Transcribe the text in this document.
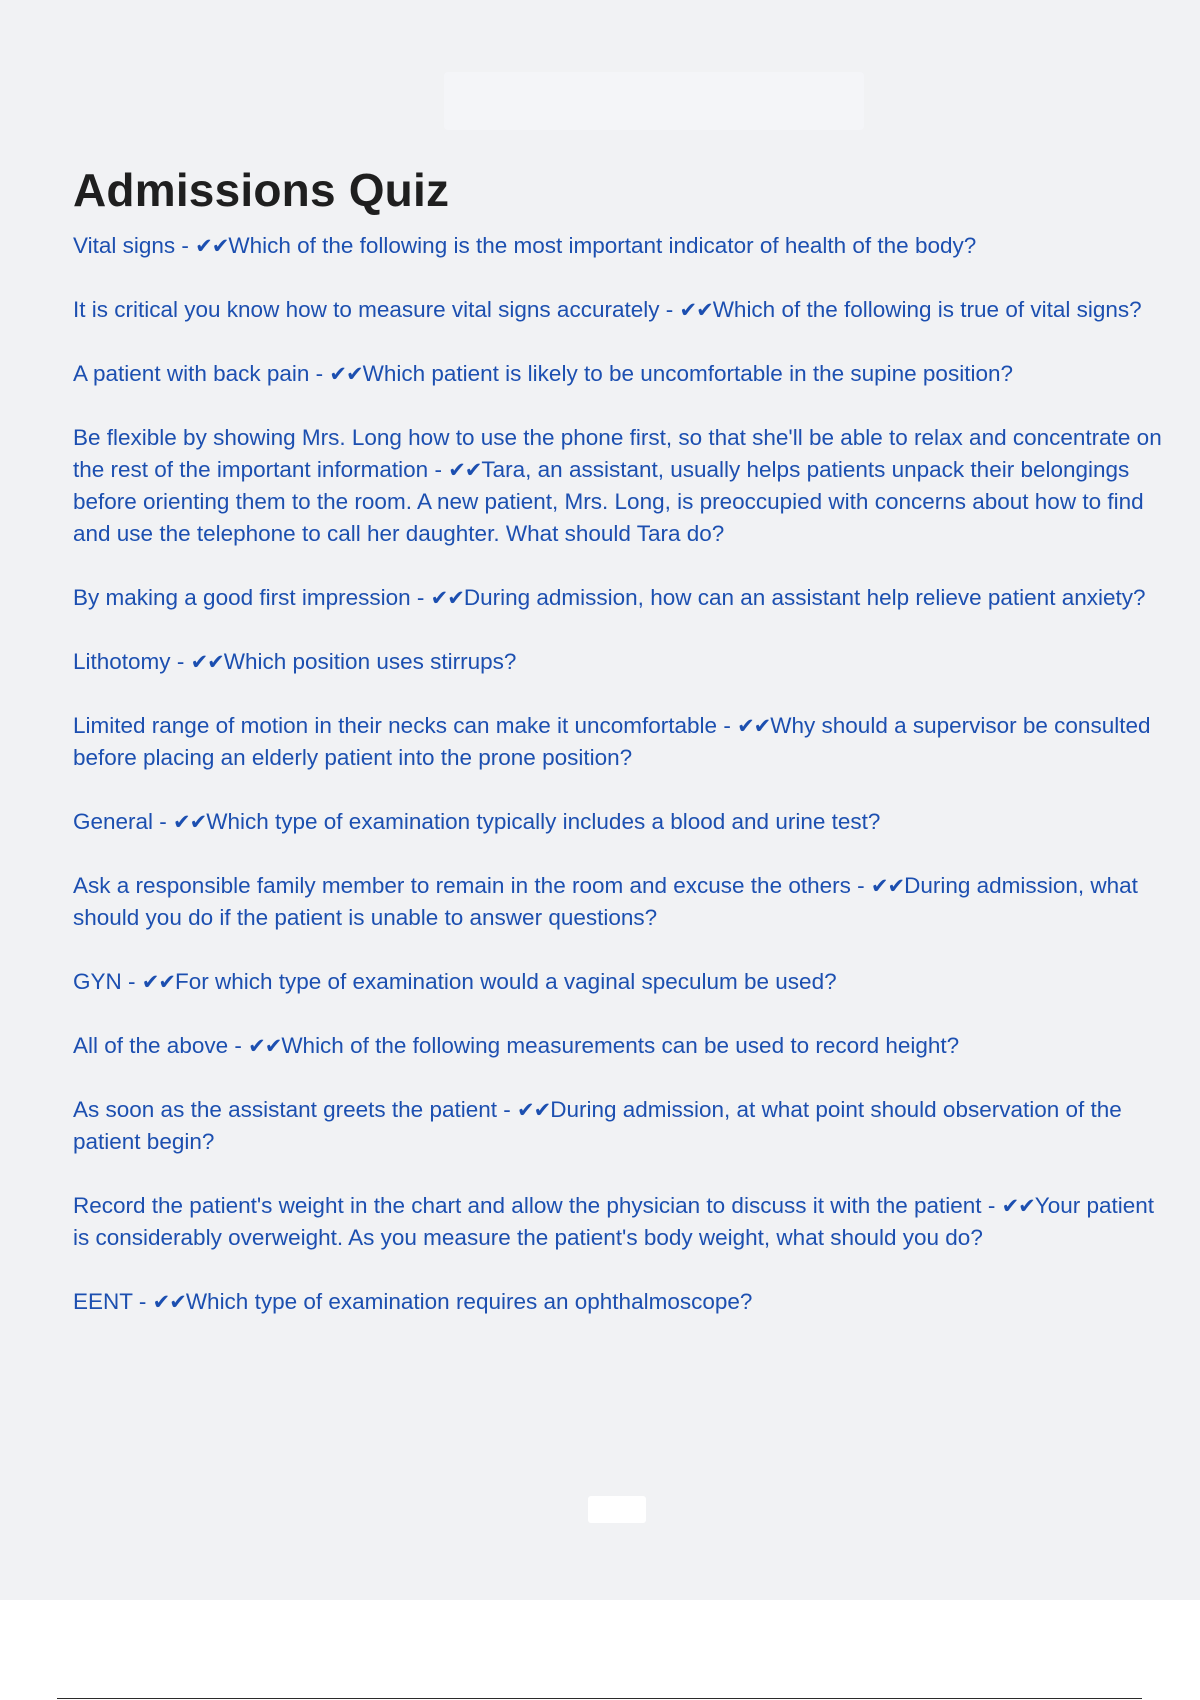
Admissions Quiz
Vital signs - ✔✔Which of the following is the most important indicator of health of the body?
It is critical you know how to measure vital signs accurately - ✔✔Which of the following is true of vital signs?
A patient with back pain - ✔✔Which patient is likely to be uncomfortable in the supine position?
Be flexible by showing Mrs. Long how to use the phone first, so that she'll be able to relax and concentrate on the rest of the important information - ✔✔Tara, an assistant, usually helps patients unpack their belongings before orienting them to the room. A new patient, Mrs. Long, is preoccupied with concerns about how to find and use the telephone to call her daughter. What should Tara do?
By making a good first impression - ✔✔During admission, how can an assistant help relieve patient anxiety?
Lithotomy - ✔✔Which position uses stirrups?
Limited range of motion in their necks can make it uncomfortable - ✔✔Why should a supervisor be consulted before placing an elderly patient into the prone position?
General - ✔✔Which type of examination typically includes a blood and urine test?
Ask a responsible family member to remain in the room and excuse the others - ✔✔During admission, what should you do if the patient is unable to answer questions?
GYN - ✔✔For which type of examination would a vaginal speculum be used?
All of the above - ✔✔Which of the following measurements can be used to record height?
As soon as the assistant greets the patient - ✔✔During admission, at what point should observation of the patient begin?
Record the patient's weight in the chart and allow the physician to discuss it with the patient - ✔✔Your patient is considerably overweight. As you measure the patient's body weight, what should you do?
EENT - ✔✔Which type of examination requires an ophthalmoscope?
